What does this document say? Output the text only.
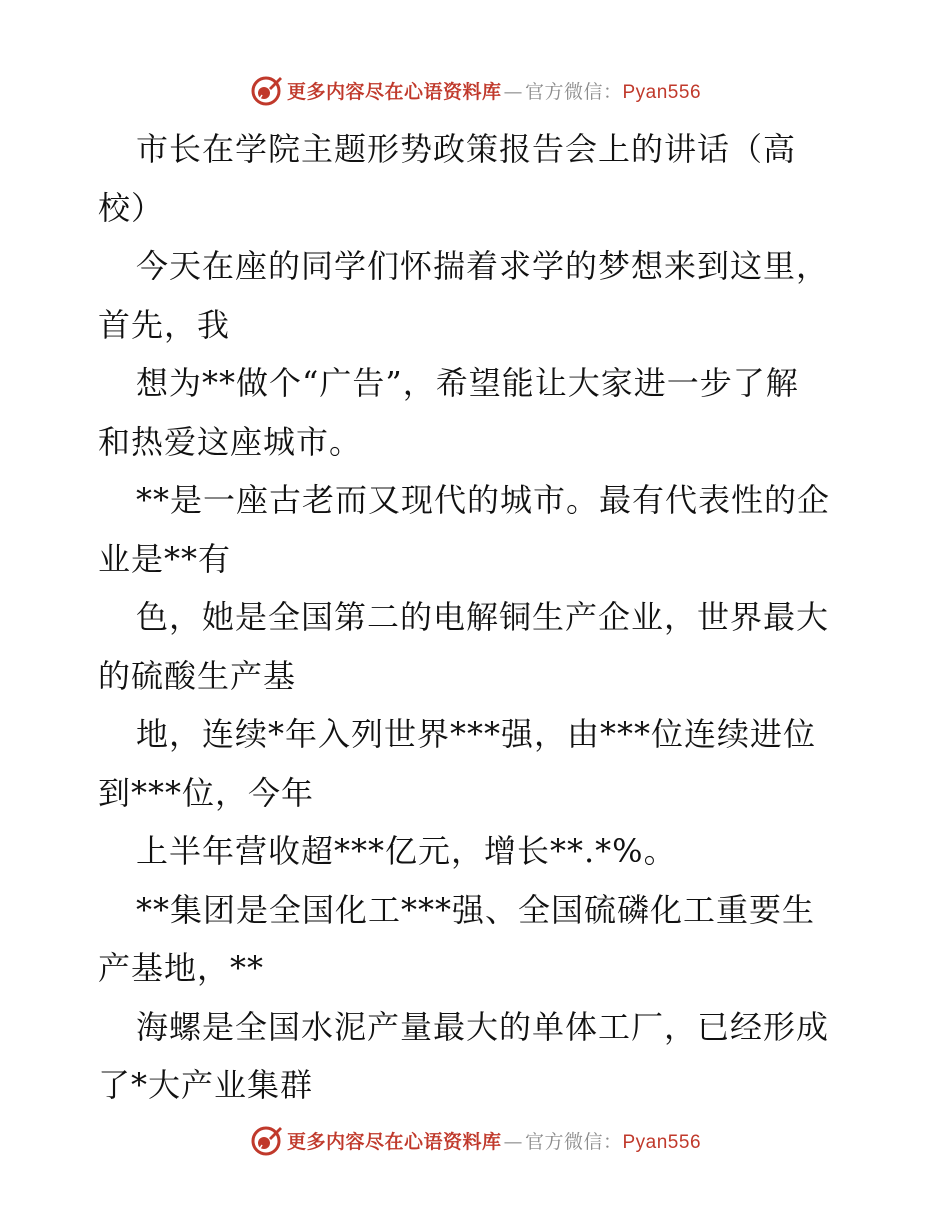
更多内容尽在心语资料库 — 官方微信： Pyan556
市长在学院主题形势政策报告会上的讲话（高
校）
今天在座的同学们怀揣着求学的梦想来到这里，
首先，我
想为**做个“广告”，希望能让大家进一步了解
和热爱这座城市。
**是一座古老而又现代的城市。最有代表性的企
业是**有
色，她是全国第二的电解铜生产企业，世界最大
的硫酸生产基
地，连续*年入列世界***强，由***位连续进位
到***位，今年
上半年营收超***亿元，增长**.*%。
**集团是全国化工***强、全国硫磷化工重要生
产基地，**
海螺是全国水泥产量最大的单体工厂，已经形成
了*大产业集群
更多内容尽在心语资料库 — 官方微信： Pyan556
